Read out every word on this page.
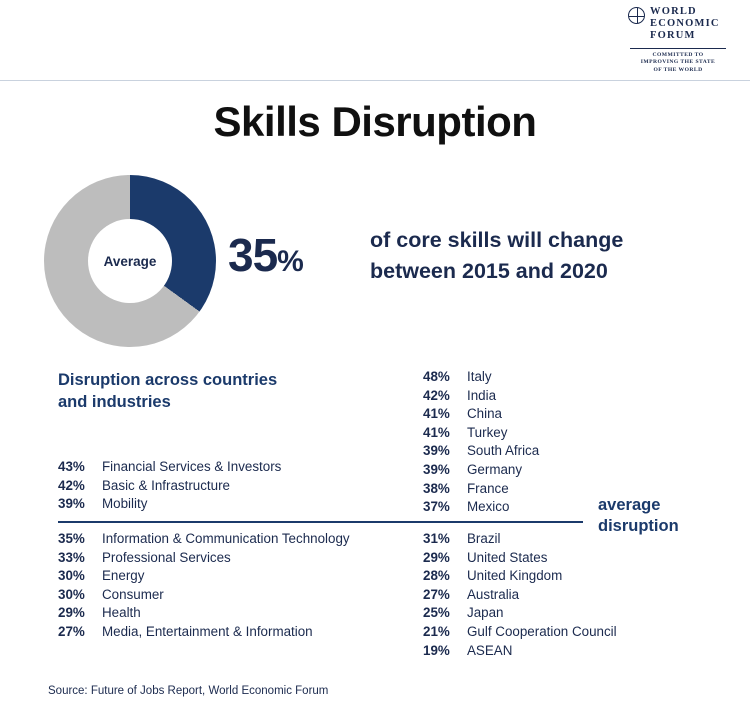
WORLD
ECONOMIC
FORUM
COMMITTED TO
IMPROVING THE STATE
OF THE WORLD
Skills Disruption
Average	35%
of core skills will change
between 2015 and 2020
Disruption across countries
and industries
43%	Financial Services & Investors
42%	Basic & Infrastructure
39%	Mobility
35%	Information & Communication Technology
33%	Professional Services
30%	Energy
30%	Consumer
29%	Health
27%	Media, Entertainment & Information
48%	Italy
42%	India
41%	China
41%	Turkey
39%	South Africa
39%	Germany
38%	France
37%	Mexico
31%	Brazil
29%	United States
28%	United Kingdom
27%	Australia
25%	Japan
21%	Gulf Cooperation Council
19%	ASEAN
average
disruption
Source: Future of Jobs Report, World Economic Forum
